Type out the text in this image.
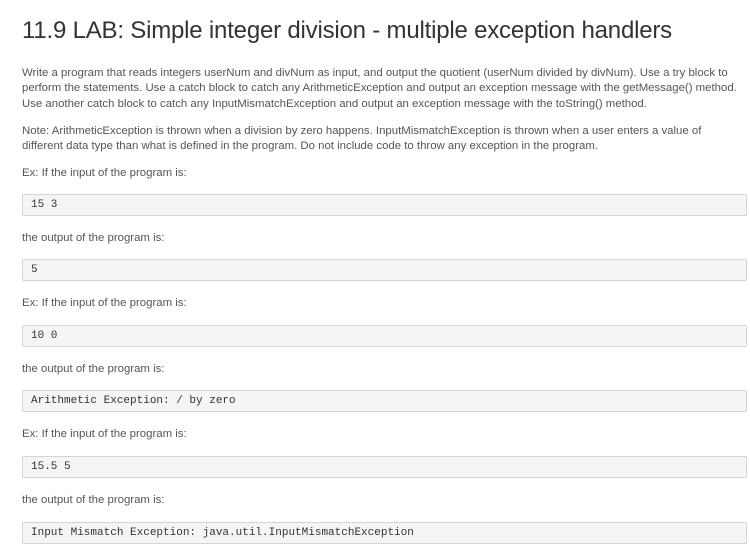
11.9 LAB: Simple integer division - multiple exception handlers

Write a program that reads integers userNum and divNum as input, and output the quotient (userNum divided by divNum). Use a try block to perform the statements. Use a catch block to catch any ArithmeticException and output an exception message with the getMessage() method. Use another catch block to catch any InputMismatchException and output an exception message with the toString() method.

Note: ArithmeticException is thrown when a division by zero happens. InputMismatchException is thrown when a user enters a value of different data type than what is defined in the program. Do not include code to throw any exception in the program.

Ex: If the input of the program is:

15 3

the output of the program is:

5

Ex: If the input of the program is:

10 0

the output of the program is:

Arithmetic Exception: / by zero

Ex: If the input of the program is:

15.5 5

the output of the program is:

Input Mismatch Exception: java.util.InputMismatchException
